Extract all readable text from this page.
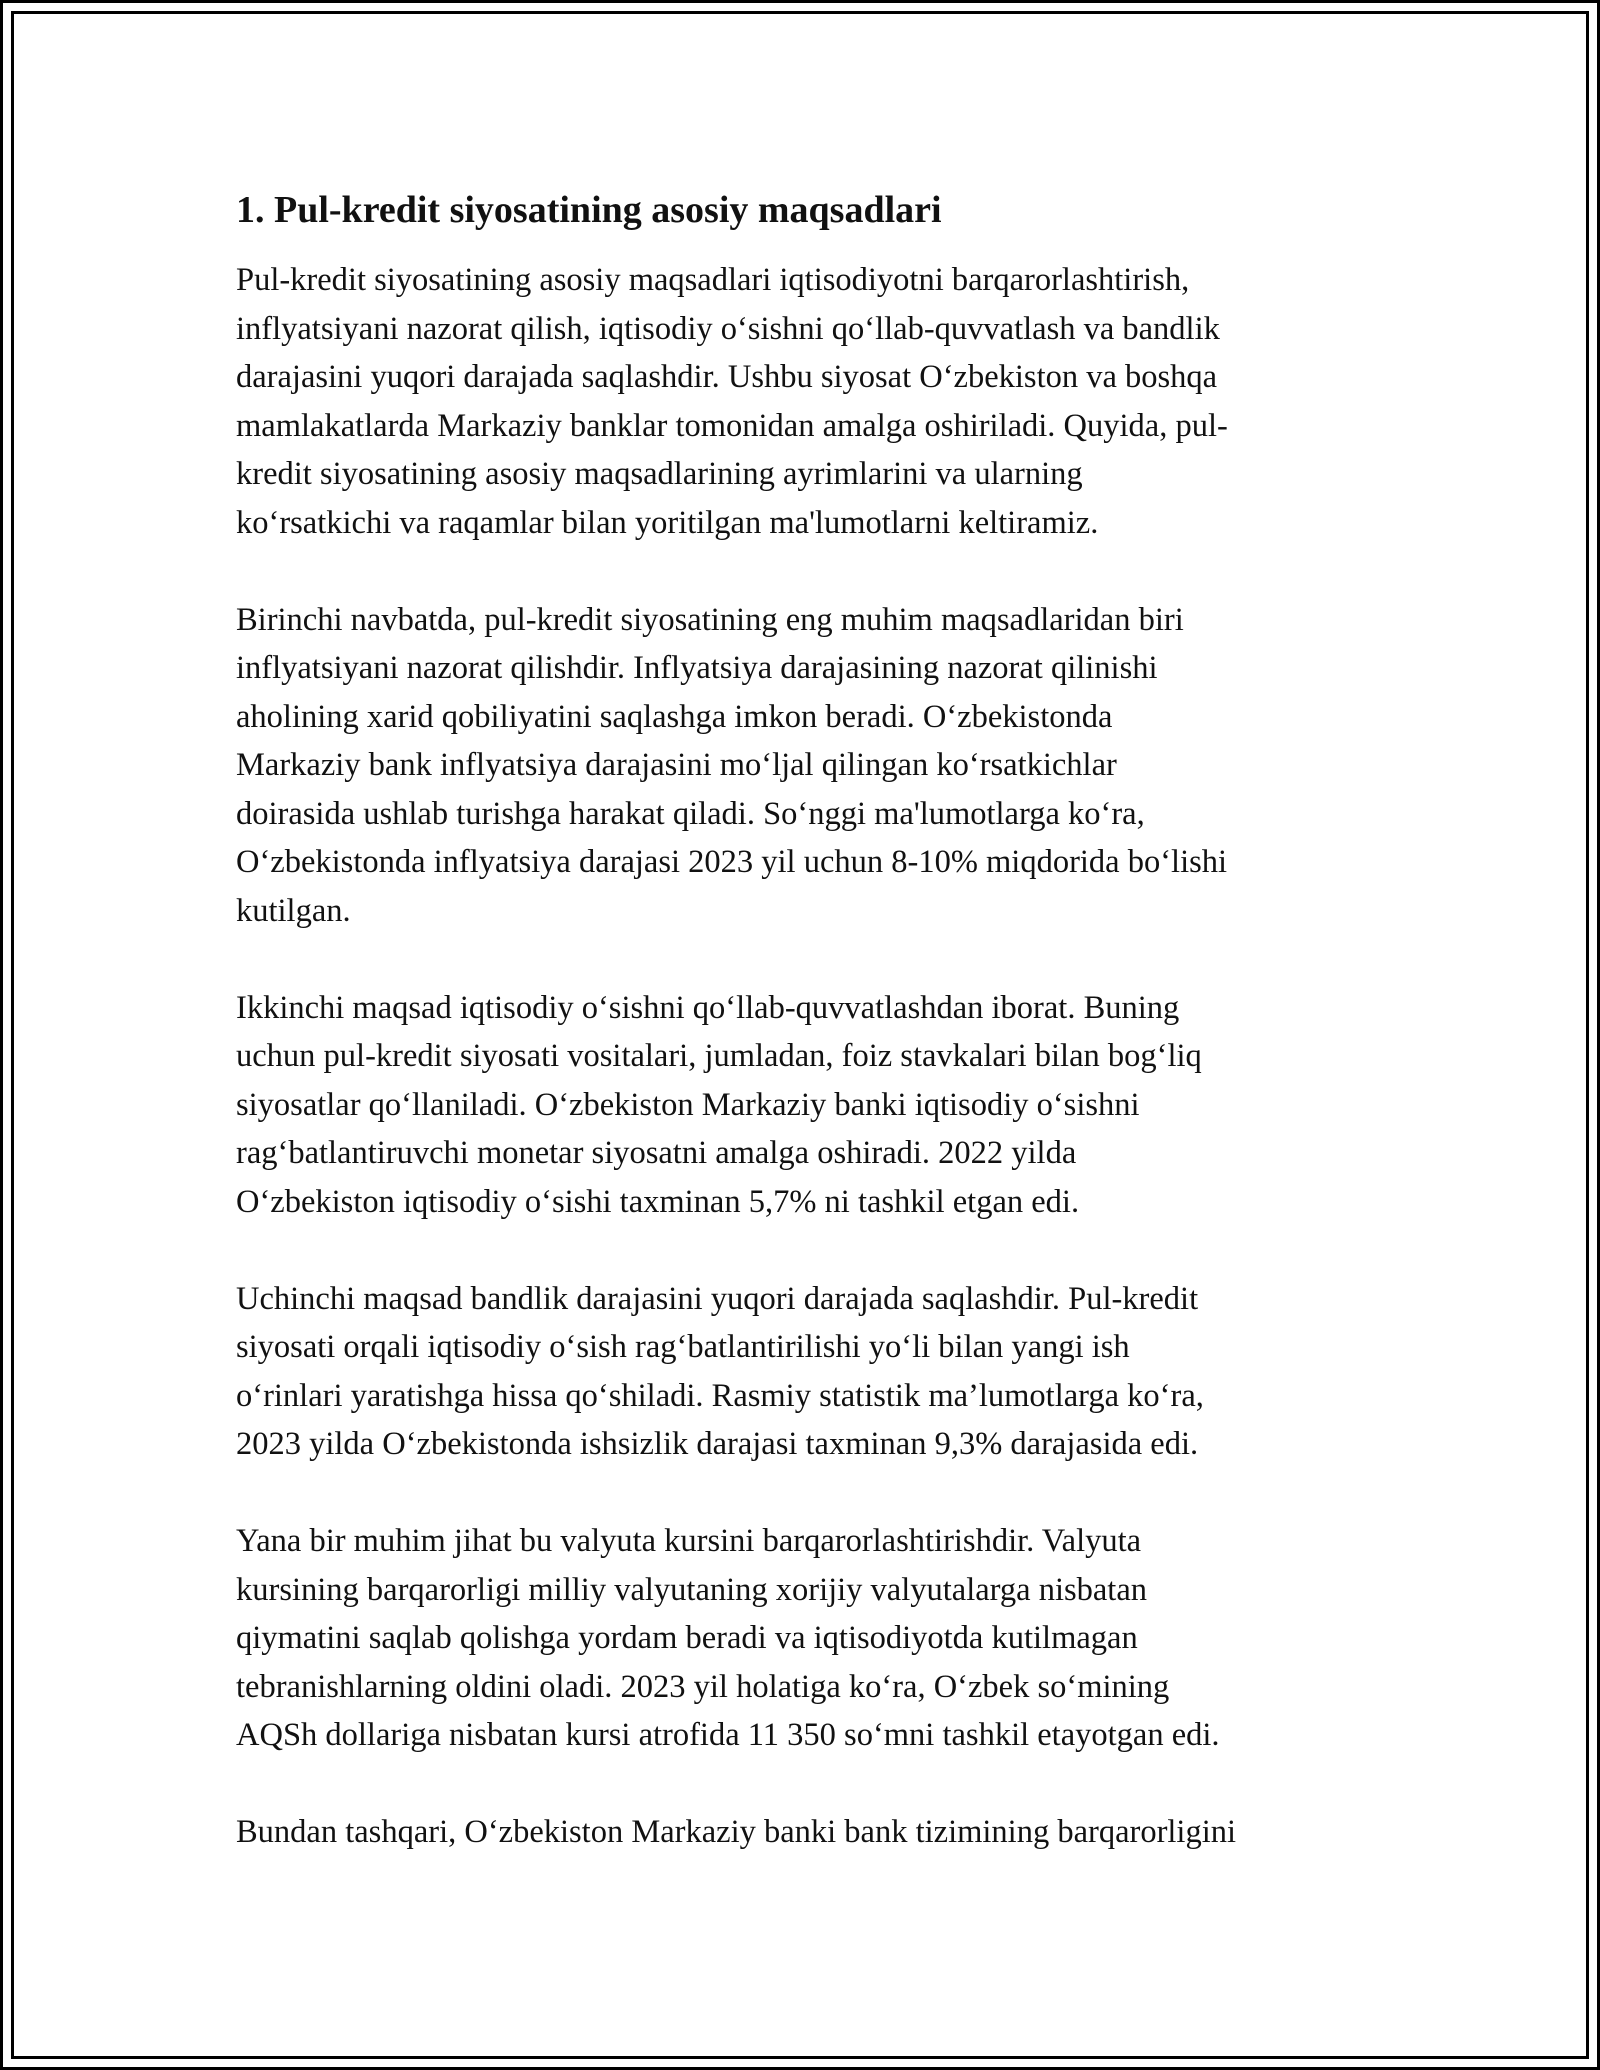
1. Pul-kredit siyosatining asosiy maqsadlari

Pul-kredit siyosatining asosiy maqsadlari iqtisodiyotni barqarorlashtirish,
inflyatsiyani nazorat qilish, iqtisodiy o‘sishni qo‘llab-quvvatlash va bandlik
darajasini yuqori darajada saqlashdir. Ushbu siyosat O‘zbekiston va boshqa
mamlakatlarda Markaziy banklar tomonidan amalga oshiriladi. Quyida, pul-
kredit siyosatining asosiy maqsadlarining ayrimlarini va ularning
ko‘rsatkichi va raqamlar bilan yoritilgan ma'lumotlarni keltiramiz.

Birinchi navbatda, pul-kredit siyosatining eng muhim maqsadlaridan biri
inflyatsiyani nazorat qilishdir. Inflyatsiya darajasining nazorat qilinishi
aholining xarid qobiliyatini saqlashga imkon beradi. O‘zbekistonda
Markaziy bank inflyatsiya darajasini mo‘ljal qilingan ko‘rsatkichlar
doirasida ushlab turishga harakat qiladi. So‘nggi ma'lumotlarga ko‘ra,
O‘zbekistonda inflyatsiya darajasi 2023 yil uchun 8-10% miqdorida bo‘lishi
kutilgan.

Ikkinchi maqsad iqtisodiy o‘sishni qo‘llab-quvvatlashdan iborat. Buning
uchun pul-kredit siyosati vositalari, jumladan, foiz stavkalari bilan bog‘liq
siyosatlar qo‘llaniladi. O‘zbekiston Markaziy banki iqtisodiy o‘sishni
rag‘batlantiruvchi monetar siyosatni amalga oshiradi. 2022 yilda
O‘zbekiston iqtisodiy o‘sishi taxminan 5,7% ni tashkil etgan edi.

Uchinchi maqsad bandlik darajasini yuqori darajada saqlashdir. Pul-kredit
siyosati orqali iqtisodiy o‘sish rag‘batlantirilishi yo‘li bilan yangi ish
o‘rinlari yaratishga hissa qo‘shiladi. Rasmiy statistik ma’lumotlarga ko‘ra,
2023 yilda O‘zbekistonda ishsizlik darajasi taxminan 9,3% darajasida edi.

Yana bir muhim jihat bu valyuta kursini barqarorlashtirishdir. Valyuta
kursining barqarorligi milliy valyutaning xorijiy valyutalarga nisbatan
qiymatini saqlab qolishga yordam beradi va iqtisodiyotda kutilmagan
tebranishlarning oldini oladi. 2023 yil holatiga ko‘ra, O‘zbek so‘mining
AQSh dollariga nisbatan kursi atrofida 11 350 so‘mni tashkil etayotgan edi.

Bundan tashqari, O‘zbekiston Markaziy banki bank tizimining barqarorligini
